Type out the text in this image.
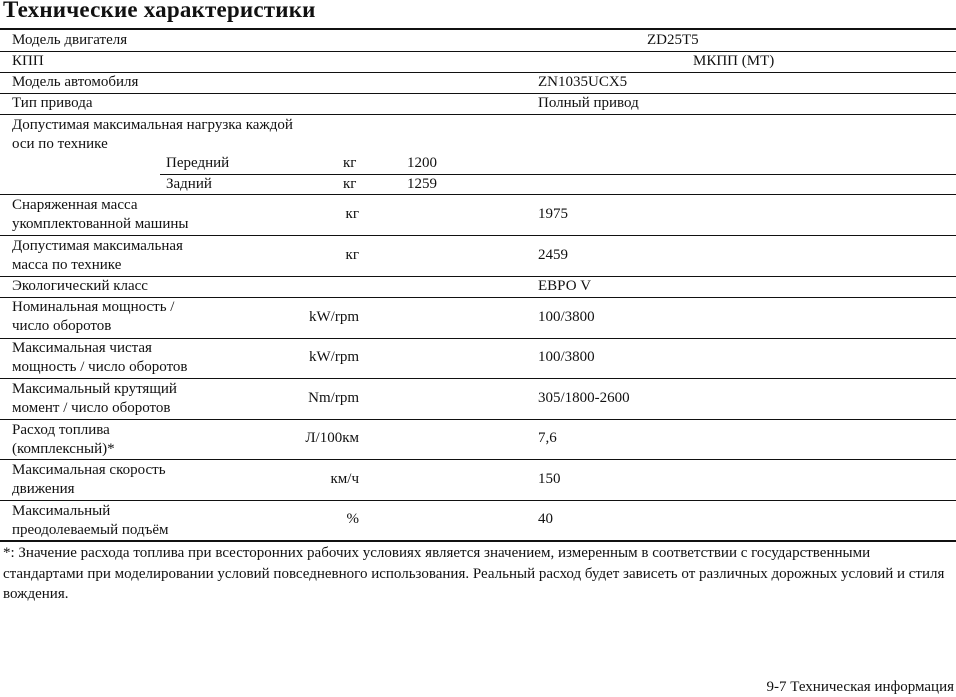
Технические характеристики
Модель двигателя	ZD25T5
КПП	МКПП (МТ)
Модель автомобиля	ZN1035UCX5
Тип привода	Полный привод
Допустимая максимальная нагрузка каждой
оси по технике
Передний	кг	1200
Задний	кг	1259
Снаряженная масса
укомплектованной машины
кг	1975
Допустимая максимальная
масса по технике
кг	2459
Экологический класс	ЕВРО V
Номинальная мощность /
число оборотов
kW/rpm	100/3800
Максимальная чистая
мощность / число оборотов
kW/rpm	100/3800
Максимальный крутящий
момент / число оборотов
Nm/rpm	305/1800-2600
Расход топлива
(комплексный)*
Л/100км	7,6
Максимальная скорость
движения
км/ч	150
Максимальный
преодолеваемый подъём
%	40
*: Значение расхода топлива при всесторонних рабочих условиях является значением, измеренным в соответствии с государственными стандартами при моделировании условий повседневного использования. Реальный расход будет зависеть от различных дорожных условий и стиля вождения.
9-7 Техническая информация
